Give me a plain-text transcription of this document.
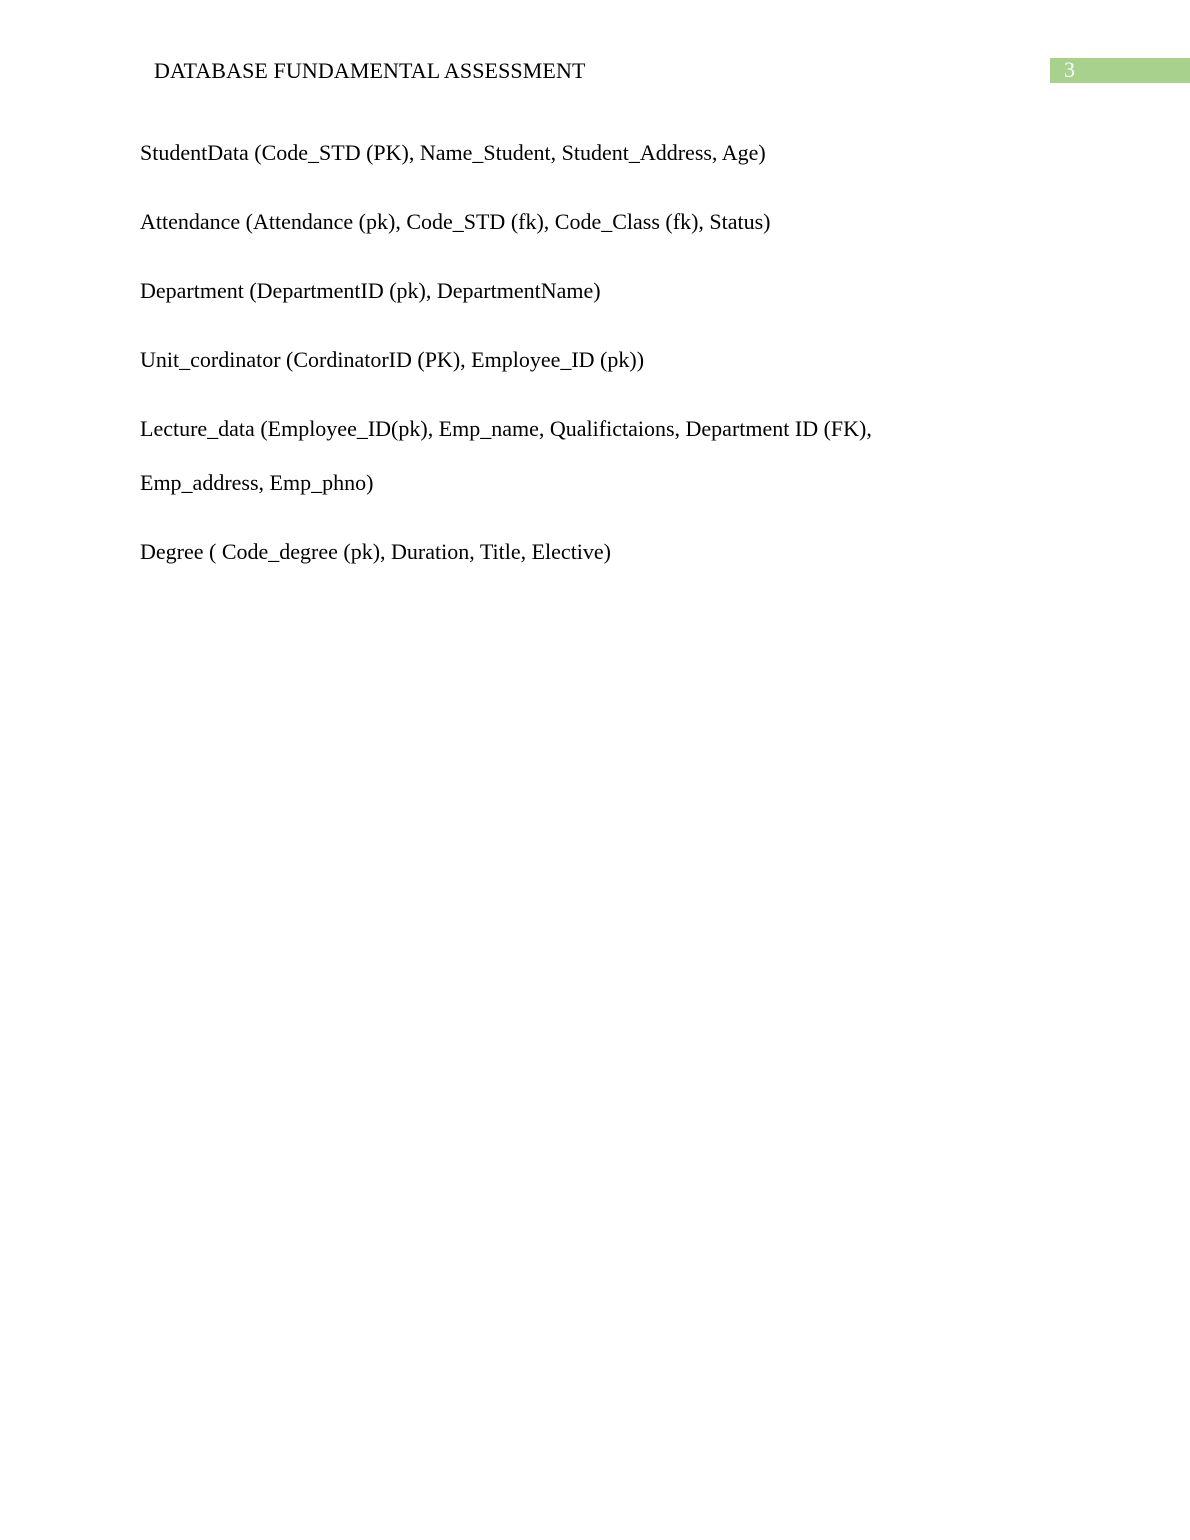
DATABASE FUNDAMENTAL ASSESSMENT	3
StudentData (Code_STD (PK), Name_Student, Student_Address, Age)
Attendance (Attendance (pk), Code_STD (fk), Code_Class (fk), Status)
Department (DepartmentID (pk), DepartmentName)
Unit_cordinator (CordinatorID (PK), Employee_ID (pk))
Lecture_data (Employee_ID(pk), Emp_name, Qualifictaions, Department ID (FK),
Emp_address, Emp_phno)
Degree ( Code_degree (pk), Duration, Title, Elective)
